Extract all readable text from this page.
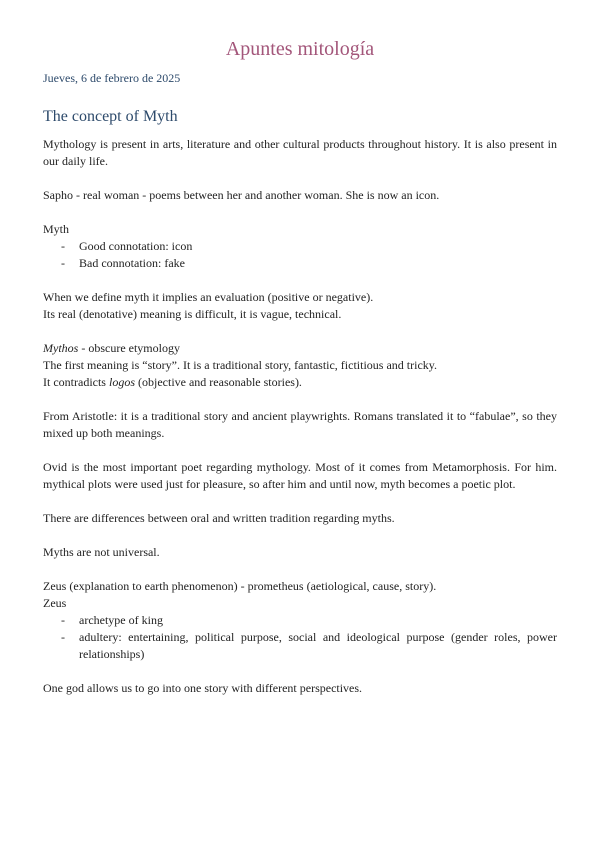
Apuntes mitología
Jueves, 6 de febrero de 2025
The concept of Myth

Mythology is present in arts, literature and other cultural products throughout history. It is also present in our daily life.

Sapho - real woman - poems between her and another woman. She is now an icon.

Myth

- Good connotation: icon
- Bad connotation: fake
When we define myth it implies an evaluation (positive or negative).
Its real (denotative) meaning is difficult, it is vague, technical.
Mythos - obscure etymology
The first meaning is “story”. It is a traditional story, fantastic, fictitious and tricky.
It contradicts logos (objective and reasonable stories).

From Aristotle: it is a traditional story and ancient playwrights. Romans translated it to “fabulae”, so they mixed up both meanings.

Ovid is the most important poet regarding mythology. Most of it comes from Metamorphosis. For him. mythical plots were used just for pleasure, so after him and until now, myth becomes a poetic plot.

There are differences between oral and written tradition regarding myths.

Myths are not universal.

Zeus (explanation to earth phenomenon) - prometheus (aetiological, cause, story).
Zeus
- archetype of king
- adultery: entertaining, political purpose, social and ideological purpose (gender roles, power relationships)

One god allows us to go into one story with different perspectives.
